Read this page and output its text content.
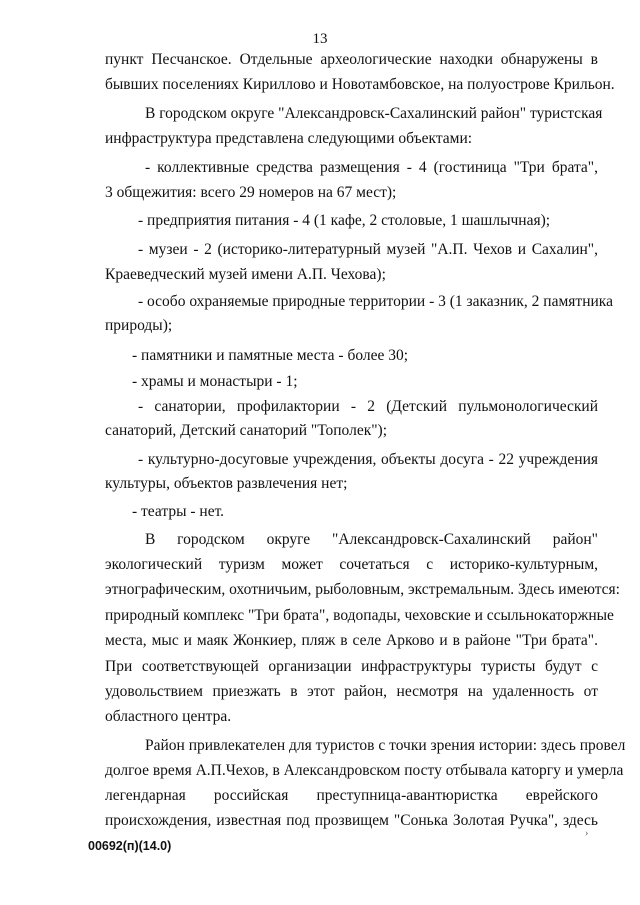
13
пункт Песчанское. Отдельные археологические находки обнаружены в
бывших поселениях Кириллово и Новотамбовское, на полуострове Крильон.
В городском округе "Александровск-Сахалинский район" туристская
инфраструктура представлена следующими объектами:
- коллективные средства размещения - 4 (гостиница "Три брата",
3 общежития: всего 29 номеров на 67 мест);
- предприятия питания - 4 (1 кафе, 2 столовые, 1 шашлычная);
- музеи - 2 (историко-литературный музей "А.П. Чехов и Сахалин",
Краеведческий музей имени А.П. Чехова);
- особо охраняемые природные территории - 3 (1 заказник, 2 памятника
природы);
- памятники и памятные места - более 30;
- храмы и монастыри - 1;
- санатории, профилактории - 2 (Детский пульмонологический
санаторий, Детский санаторий "Тополек");
- культурно-досуговые учреждения, объекты досуга - 22 учреждения
культуры, объектов развлечения нет;
- театры - нет.
В городском округе "Александровск-Сахалинский район"
экологический туризм может сочетаться с историко-культурным,
этнографическим, охотничьим, рыболовным, экстремальным. Здесь имеются:
природный комплекс "Три брата", водопады, чеховские и ссыльнокаторжные
места, мыс и маяк Жонкиер, пляж в селе Арково и в районе "Три брата".
При соответствующей организации инфраструктуры туристы будут с
удовольствием приезжать в этот район, несмотря на удаленность от
областного центра.
Район привлекателен для туристов с точки зрения истории: здесь провел
долгое время А.П.Чехов, в Александровском посту отбывала каторгу и умерла
легендарная российская преступница-авантюристка еврейского
происхождения, известная под прозвищем "Сонька Золотая Ручка", здесь
›
00692(п)(14.0)
